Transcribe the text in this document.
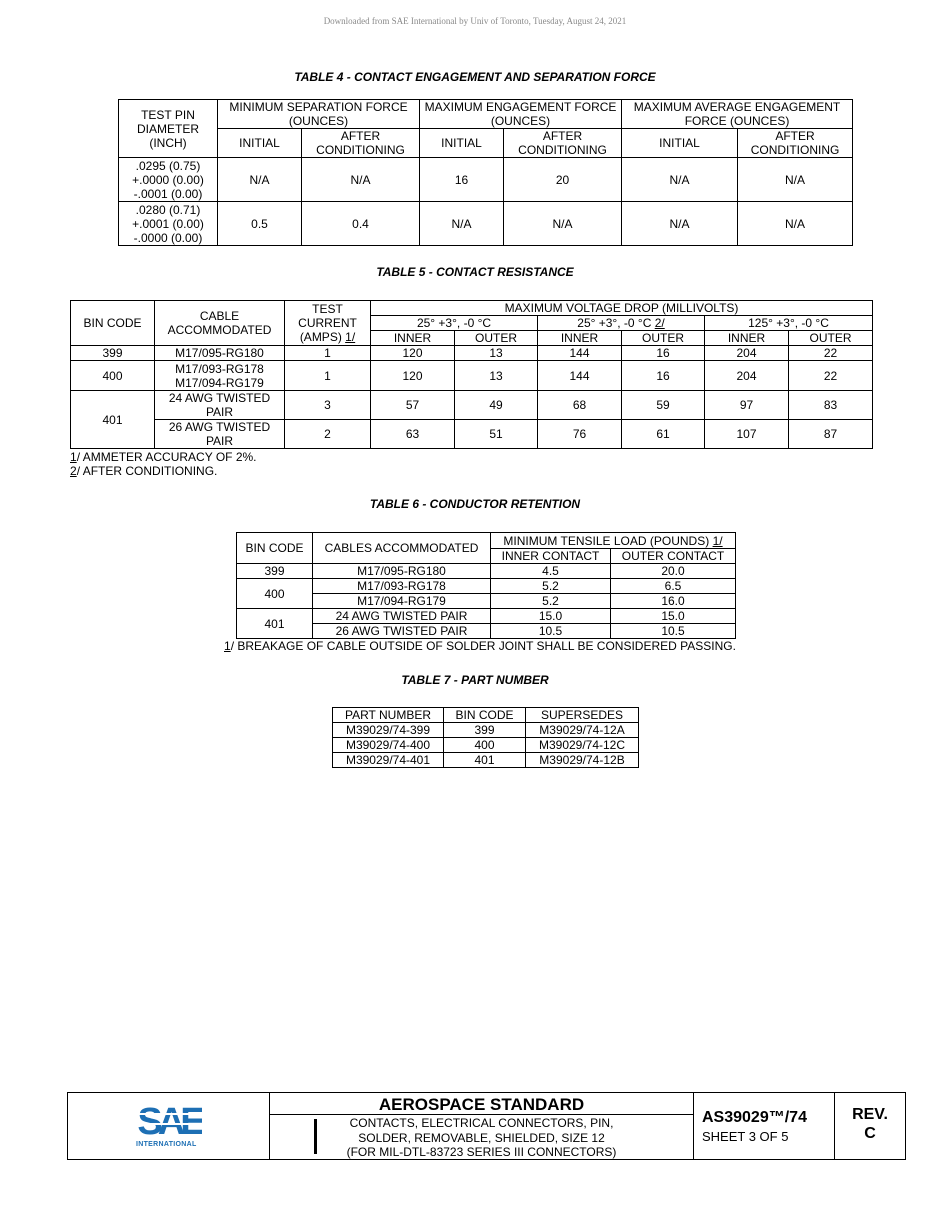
Downloaded from SAE International by Univ of Toronto, Tuesday, August 24, 2021
TABLE 4 - CONTACT ENGAGEMENT AND SEPARATION FORCE
TEST PIN DIAMETER (INCH)	MINIMUM SEPARATION FORCE (OUNCES)		MAXIMUM ENGAGEMENT FORCE (OUNCES)		MAXIMUM AVERAGE ENGAGEMENT FORCE (OUNCES)	
	INITIAL	AFTER CONDITIONING	INITIAL	AFTER CONDITIONING	INITIAL	AFTER CONDITIONING
.0295 (0.75)
+.0000 (0.00)
-.0001 (0.00)	N/A	N/A	16	20	N/A	N/A
.0280 (0.71)
+.0001 (0.00)
-.0000 (0.00)	0.5	0.4	N/A	N/A	N/A	N/A
TABLE 5 - CONTACT RESISTANCE
BIN CODE	CABLE ACCOMMODATED	TEST
CURRENT
(AMPS) 1/	MAXIMUM VOLTAGE DROP (MILLIVOLTS)					
			25° +3°, -0 °C		25° +3°, -0 °C 2/		125° +3°, -0 °C	
			INNER	OUTER	INNER	OUTER	INNER	OUTER
399	M17/095-RG180	1	120	13	144	16	204	22
400	M17/093-RG178
M17/094-RG179	1	120	13	144	16	204	22
401	24 AWG TWISTED PAIR	3	57	49	68	59	97	83
	26 AWG TWISTED PAIR	2	63	51	76	61	107	87
1/ AMMETER ACCURACY OF 2%.
2/ AFTER CONDITIONING.
TABLE 6 - CONDUCTOR RETENTION
BIN CODE	CABLES ACCOMMODATED	MINIMUM TENSILE LOAD (POUNDS) 1/	
		INNER CONTACT	OUTER CONTACT
399	M17/095-RG180	4.5	20.0
400	M17/093-RG178	5.2	6.5
	M17/094-RG179	5.2	16.0
401	24 AWG TWISTED PAIR	15.0	15.0
	26 AWG TWISTED PAIR	10.5	10.5
1/ BREAKAGE OF CABLE OUTSIDE OF SOLDER JOINT SHALL BE CONSIDERED PASSING.
TABLE 7 - PART NUMBER
PART NUMBER	BIN CODE	SUPERSEDES
M39029/74-399	399	M39029/74-12A
M39029/74-400	400	M39029/74-12C
M39029/74-401	401	M39029/74-12B
SAE
INTERNATIONAL
AEROSPACE STANDARD
CONTACTS, ELECTRICAL CONNECTORS, PIN,
SOLDER, REMOVABLE, SHIELDED, SIZE 12
(FOR MIL-DTL-83723 SERIES III CONNECTORS)
AS39029™/74
SHEET 3 OF 5
REV.
C
